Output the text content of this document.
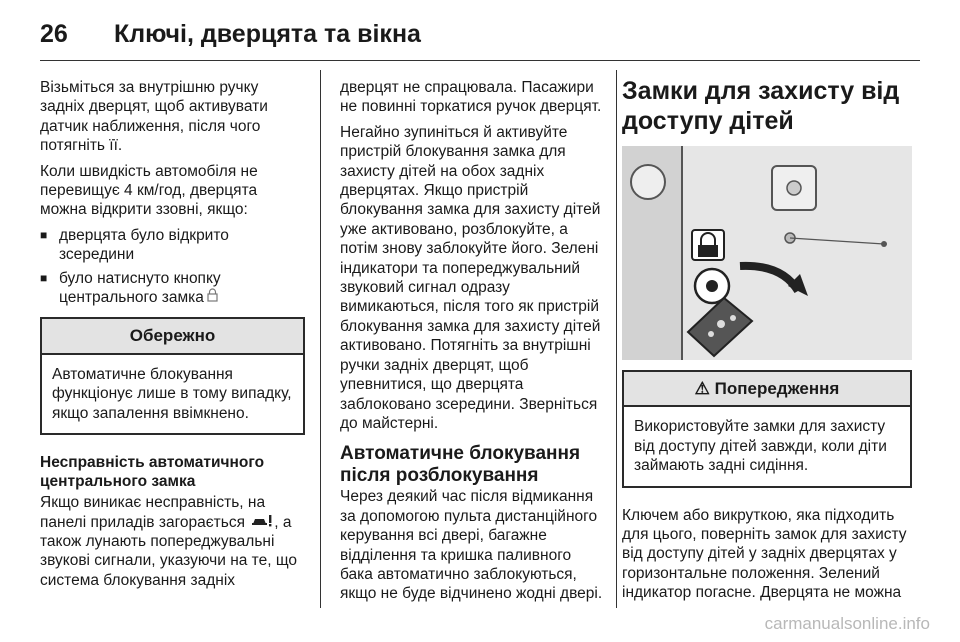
26	Ключі, дверцята та вікна

Візьміться за внутрішню ручку задніх дверцят, щоб активувати датчик наближення, після чого потягніть її.

Коли швидкість автомобіля не перевищує 4 км/год, дверцята можна відкрити ззовні, якщо:

■ дверцята було відкрито зсередини
■ було натиснуто кнопку центрального замка
Обережно
Автоматичне блокування функціонує лише в тому випадку, якщо запалення ввімкнено.
Несправність автоматичного центрального замка

Якщо виникає несправність, на панелі приладів загорається , а також лунають попереджувальні звукові сигнали, указуючи на те, що система блокування задніх

дверцят не спрацювала. Пасажири не повинні торкатися ручок дверцят.

Негайно зупиніться й активуйте пристрій блокування замка для захисту дітей на обох задніх дверцятах. Якщо пристрій блокування замка для захисту дітей уже активовано, розблокуйте, а потім знову заблокуйте його. Зелені індикатори та попереджувальний звуковий сигнал одразу вимикаються, після того як пристрій блокування замка для захисту дітей активовано. Потягніть за внутрішні ручки задніх дверцят, щоб упевнитися, що дверцята заблоковано зсередини. Зверніться до майстерні.

Автоматичне блокування після розблокування

Через деякий час після відмикання за допомогою пульта дистанційного керування всі двері, багажне відділення та кришка паливного бака автоматично заблокуються, якщо не буде відчинено жодні двері.

Замки для захисту від доступу дітей
⚠ Попередження
Використовуйте замки для захисту від доступу дітей завжди, коли діти займають задні сидіння.

Ключем або викруткою, яка підходить для цього, поверніть замок для захисту від доступу дітей у задніх дверцятах у горизонтальне положення. Зелений індикатор погасне. Дверцята не можна

carmanualsonline.info
